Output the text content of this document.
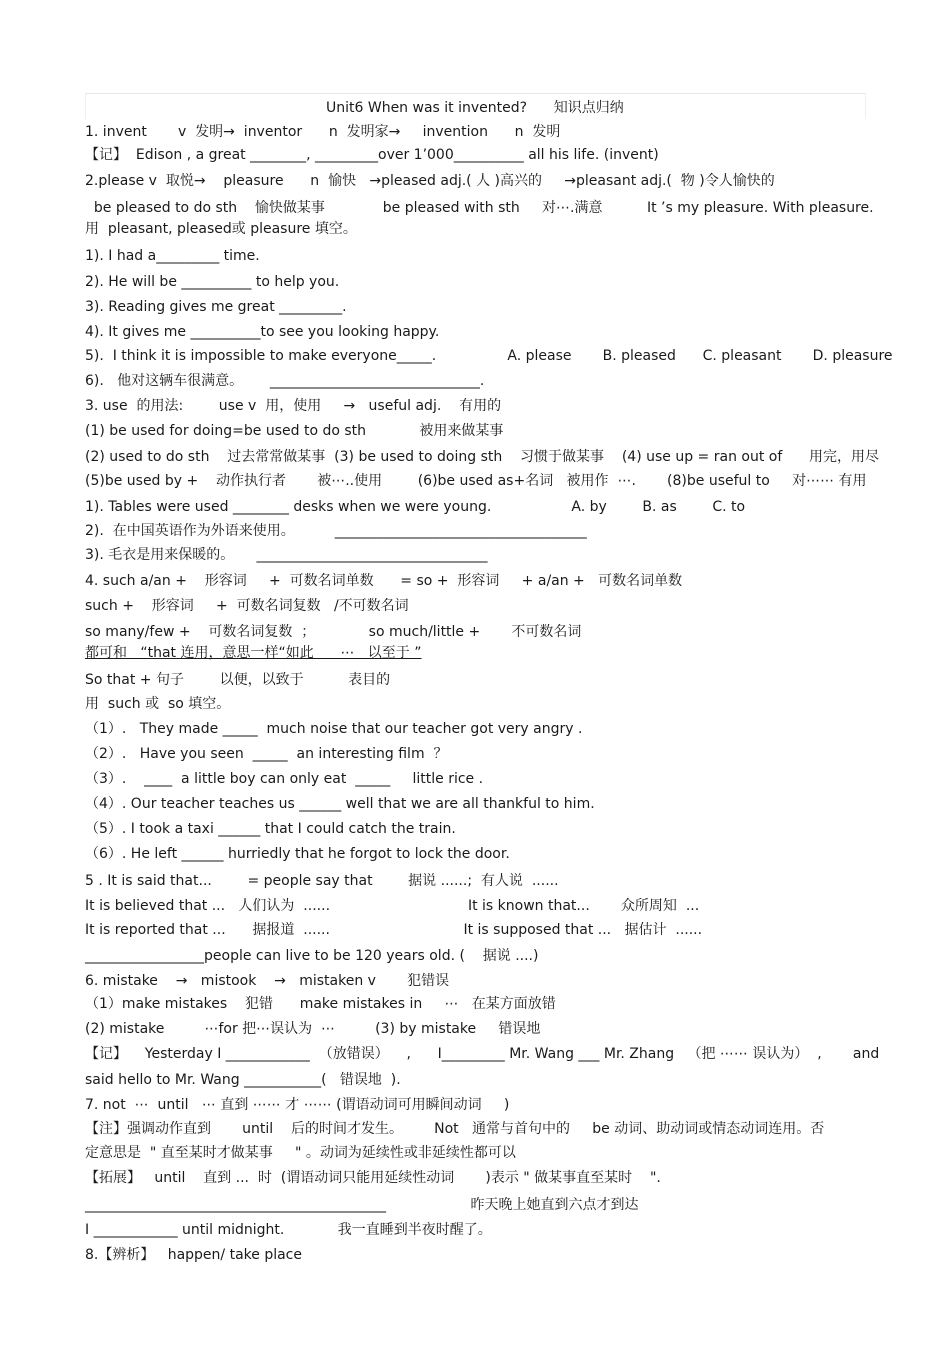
Unit6 When was it invented?      知识点归纳
1. invent       v  发明→  inventor      n  发明家→     invention      n  发明
【记】  Edison , a great ________, _________over 1’000__________ all his life. (invent)
2.please v  取悦→    pleasure      n  愉快   →pleased adj.( 人 )高兴的     →pleasant adj.(  物 )令人愉快的
be pleased to do sth    愉快做某事             be pleased with sth     对⋯.满意          It ’s my pleasure. With pleasure.
用  pleasant, pleased或 pleasure 填空。
1). I had a_________ time.
2). He will be __________ to help you.
3). Reading gives me great _________.
4). It gives me __________to see you looking happy.
5).  I think it is impossible to make everyone_____.                A. please       B. pleased      C. pleasant       D. pleasure
6).   他对这辆车很满意。      ______________________________.
3. use  的用法:        use v  用，使用     →   useful adj.    有用的
(1) be used for doing=be used to do sth            被用来做某事
(2) used to do sth    过去常常做某事  (3) be used to doing sth    习惯于做某事    (4) use up = ran out of      用完，用尽
(5)be used by +    动作执行者       被⋯..使用        (6)be used as+名词   被用作  ⋯.       (8)be useful to     对⋯⋯ 有用
1). Tables were used ________ desks when we were young.                  A. by        B. as        C. to
2).  在中国英语作为外语来使用。         ____________________________________
3). 毛衣是用来保暖的。     _________________________________
4. such a/an +    形容词     +  可数名词单数      = so +  形容词     + a/an +   可数名词单数
such +    形容词     +  可数名词复数   /不可数名词
so many/few +    可数名词复数  ；            so much/little +       不可数名词
都可和   “that 连用，意思一样“如此      ⋯   以至于 ”
So that + 句子        以便，以致于          表目的
用  such 或  so 填空。
（1）.   They made _____  much noise that our teacher got very angry .
（2）.   Have you seen  _____  an interesting film  ？
（3）.    ____  a little boy can only eat  _____     little rice .
（4）. Our teacher teaches us ______ well that we are all thankful to him.
（5）. I took a taxi ______ that I could catch the train.
（6）. He left ______ hurriedly that he forgot to lock the door.
5 . It is said that...        = people say that        据说 ......;  有人说  ......
It is believed that ...   人们认为  ......                               It is known that...       众所周知  ...
It is reported that ...      据报道  ......                              It is supposed that ...   据估计  ......
_________________people can live to be 120 years old. (    据说 ....)
6. mistake    →   mistook    →   mistaken v       犯错误
（1）make mistakes    犯错      make mistakes in     ⋯   在某方面放错
(2) mistake         ⋯for 把⋯误认为  ⋯         (3) by mistake     错误地
【记】    Yesterday I ____________  （放错误）    ,      I_________ Mr. Wang ___ Mr. Zhang   （把 ⋯⋯ 误认为）  ,       and
said hello to Mr. Wang ___________(   错误地  ).
7. not  ⋯  until   ⋯ 直到 ⋯⋯ 才 ⋯⋯ (谓语动词可用瞬间动词     )
【注】强调动作直到       until    后的时间才发生。       Not   通常与首句中的     be 动词、助动词或情态动词连用。否
定意思是  " 直至某时才做某事     " 。动词为延续性或非延续性都可以
【拓展】   until    直到 ...  时  (谓语动词只能用延续性动词       )表示 " 做某事直至某时    ".
___________________________________________                   昨天晚上她直到六点才到达
I ____________ until midnight.            我一直睡到半夜时醒了。
8.【辨析】   happen/ take place
